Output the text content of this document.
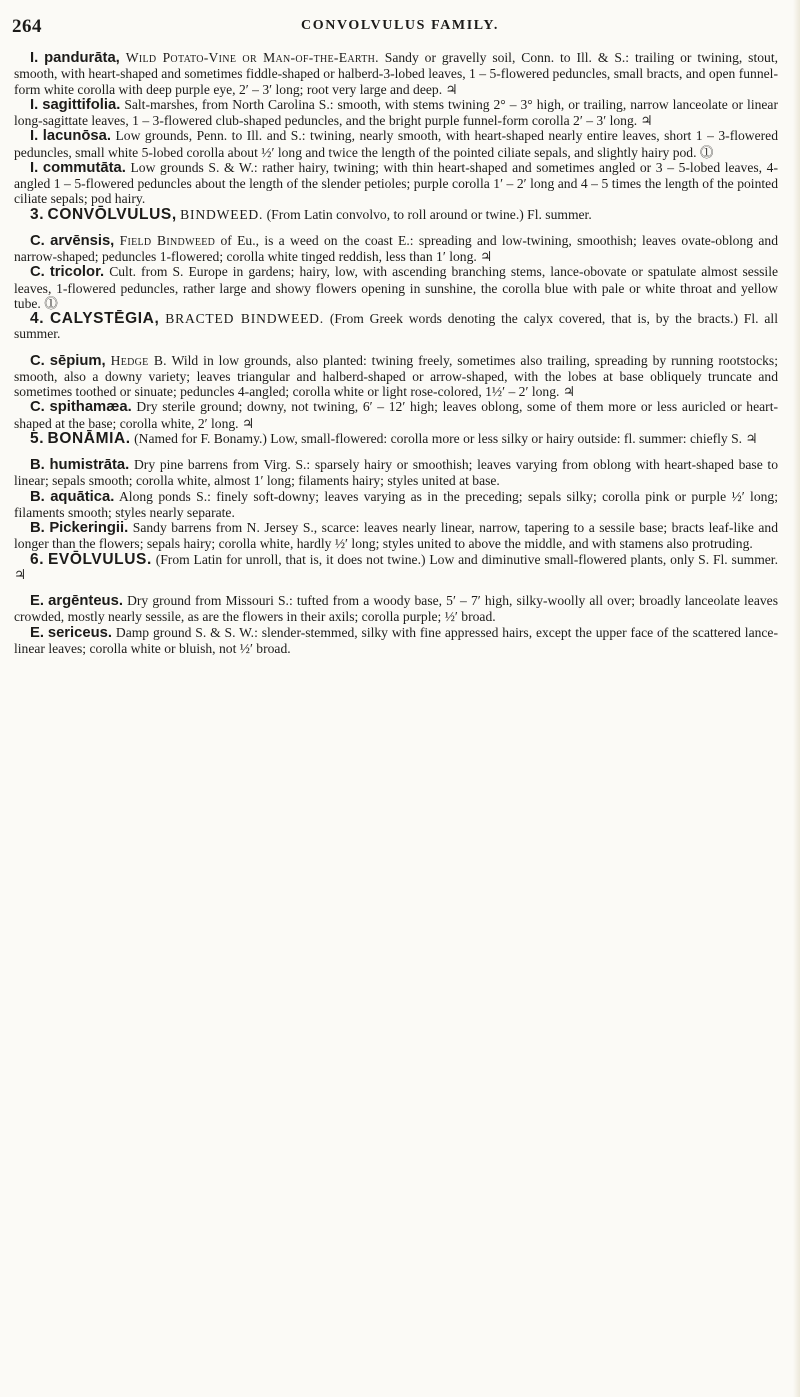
264	CONVOLVULUS FAMILY.

I. pandurāta, Wild Potato-Vine or Man-of-the-Earth. Sandy or gravelly soil, Conn. to Ill. & S.: trailing or twining, stout, smooth, with heart-shaped and sometimes fiddle-shaped or halberd-3-lobed leaves, 1 – 5-flowered peduncles, small bracts, and open funnel-form white corolla with deep purple eye, 2′ – 3′ long; root very large and deep. ♃

I. sagittifolia. Salt-marshes, from North Carolina S.: smooth, with stems twining 2° – 3° high, or trailing, narrow lanceolate or linear long-sagittate leaves, 1 – 3-flowered club-shaped peduncles, and the bright purple funnel-form corolla 2′ – 3′ long. ♃

I. lacunōsa. Low grounds, Penn. to Ill. and S.: twining, nearly smooth, with heart-shaped nearly entire leaves, short 1 – 3-flowered peduncles, small white 5-lobed corolla about ½′ long and twice the length of the pointed ciliate sepals, and slightly hairy pod. ⓵

I. commutāta. Low grounds S. & W.: rather hairy, twining; with thin heart-shaped and sometimes angled or 3 – 5-lobed leaves, 4-angled 1 – 5-flowered peduncles about the length of the slender petioles; purple corolla 1′ – 2′ long and 4 – 5 times the length of the pointed ciliate sepals; pod hairy.

3. CONVŌLVULUS, BINDWEED. (From Latin convolvo, to roll around or twine.) Fl. summer.

C. arvēnsis, Field Bindweed of Eu., is a weed on the coast E.: spreading and low-twining, smoothish; leaves ovate-oblong and narrow-shaped; peduncles 1-flowered; corolla white tinged reddish, less than 1′ long. ♃

C. tricolor. Cult. from S. Europe in gardens; hairy, low, with ascending branching stems, lance-obovate or spatulate almost sessile leaves, 1-flowered peduncles, rather large and showy flowers opening in sunshine, the corolla blue with pale or white throat and yellow tube. ⓵

4. CALYSTĒGIA, BRACTED BINDWEED. (From Greek words denoting the calyx covered, that is, by the bracts.) Fl. all summer.

C. sēpium, Hedge B. Wild in low grounds, also planted: twining freely, sometimes also trailing, spreading by running rootstocks; smooth, also a downy variety; leaves triangular and halberd-shaped or arrow-shaped, with the lobes at base obliquely truncate and sometimes toothed or sinuate; peduncles 4-angled; corolla white or light rose-colored, 1½′ – 2′ long. ♃

C. spithamæa. Dry sterile ground; downy, not twining, 6′ – 12′ high; leaves oblong, some of them more or less auricled or heart-shaped at the base; corolla white, 2′ long. ♃

5. BONĀMIA. (Named for F. Bonamy.) Low, small-flowered: corolla more or less silky or hairy outside: fl. summer: chiefly S. ♃

B. humistrāta. Dry pine barrens from Virg. S.: sparsely hairy or smoothish; leaves varying from oblong with heart-shaped base to linear; sepals smooth; corolla white, almost 1′ long; filaments hairy; styles united at base.

B. aquātica. Along ponds S.: finely soft-downy; leaves varying as in the preceding; sepals silky; corolla pink or purple ½′ long; filaments smooth; styles nearly separate.

B. Pickeringii. Sandy barrens from N. Jersey S., scarce: leaves nearly linear, narrow, tapering to a sessile base; bracts leaf-like and longer than the flowers; sepals hairy; corolla white, hardly ½′ long; styles united to above the middle, and with stamens also protruding.

6. EVŌLVULUS. (From Latin for unroll, that is, it does not twine.) Low and diminutive small-flowered plants, only S. Fl. summer. ♃

E. argēnteus. Dry ground from Missouri S.: tufted from a woody base, 5′ – 7′ high, silky-woolly all over; broadly lanceolate leaves crowded, mostly nearly sessile, as are the flowers in their axils; corolla purple; ½′ broad.

E. sericeus. Damp ground S. & S. W.: slender-stemmed, silky with fine appressed hairs, except the upper face of the scattered lance-linear leaves; corolla white or bluish, not ½′ broad.
